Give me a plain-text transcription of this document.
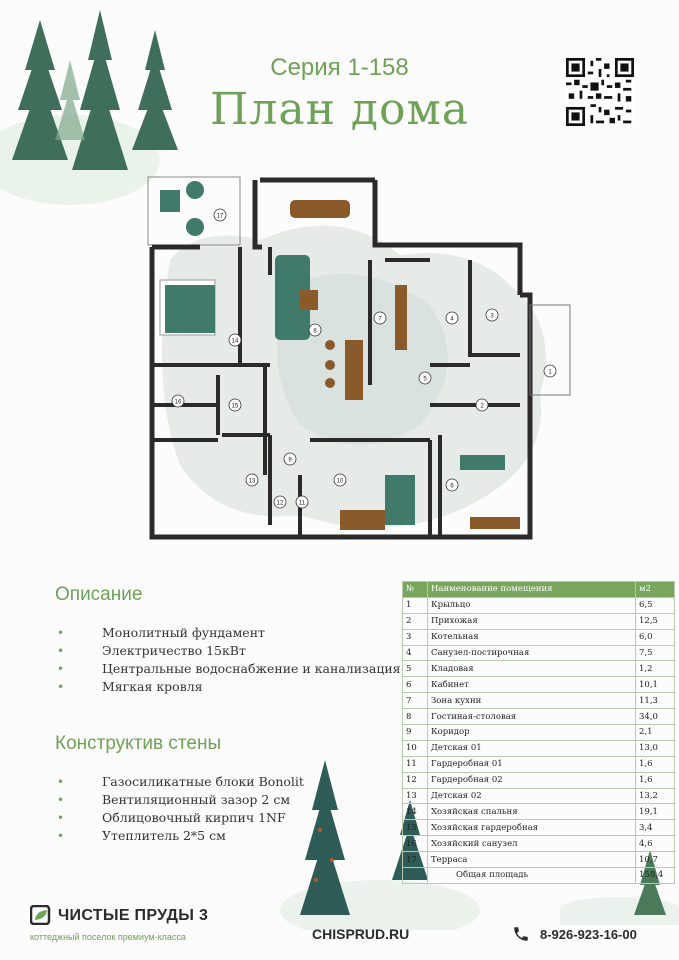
Серия 1-158
План дома
1
2
3
4
5
6
7
8
9
10
11
12
13
14
15
16
17
Описание
• Монолитный фундамент
• Электричество 15кВт
• Центральные водоснабжение и канализация
• Мягкая кровля
Конструктив стены
• Газосиликатные блоки Bonolit
• Вентиляционный зазор 2 см
• Облицовочный кирпич 1NF
• Утеплитель 2*5 см
№	Наименование помещения	м2
1	Крыльцо	6,5
2	Прихожая	12,5
3	Котельная	6,0
4	Санузел-постирочная	7,5
5	Кладовая	1,2
6	Кабинет	10,1
7	Зона кухни	11,3
8	Гостиная-столовая	34,0
9	Коридор	2,1
10	Детская 01	13,0
11	Гардеробная 01	1,6
12	Гардеробная 02	1,6
13	Детская 02	13,2
14	Хозяйская спальня	19,1
15	Хозяйская гардеробная	3,4
16	Хозяйский санузел	4,6
17	Терраса	10,7
	Общая площадь	158,4
ЧИСТЫЕ ПРУДЫ 3
коттеджный поселок премиум-класса	CHISPRUD.RU	8-926-923-16-00
